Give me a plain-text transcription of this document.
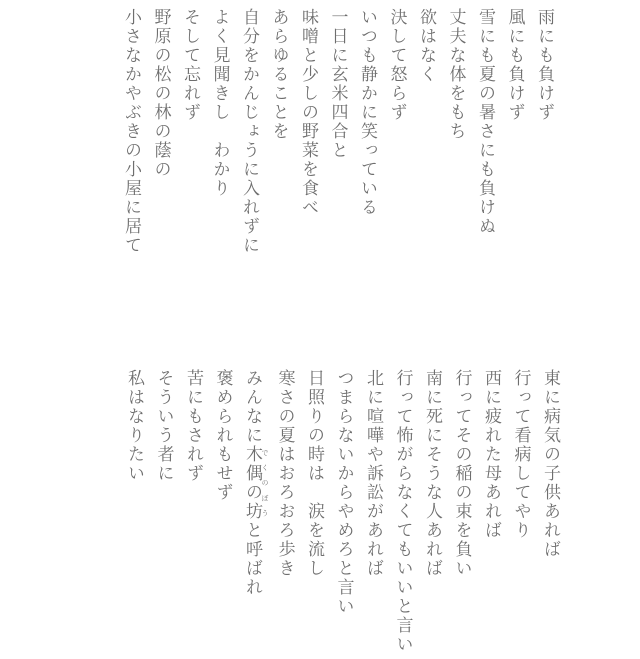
雨にも負けず
風にも負けず
雪にも夏の暑さにも負けぬ
丈夫な体をもち
欲はなく
決して怒らず
いつも静かに笑っている
一日に玄米四合と
味噌と少しの野菜を食べ
あらゆることを
自分をかんじょうに入れずに
よく見聞きし　わかり
そして忘れず
野原の松の林の蔭の
小さなかやぶきの小屋に居て
東に病気の子供あれば
行って看病してやり
西に疲れた母あれば
行ってその稲の束を負い
南に死にそうな人あれば
行って怖がらなくてもいいと言い
北に喧嘩や訴訟があれば
つまらないからやめろと言い
日照りの時は　涙を流し
寒さの夏はおろおろ歩き
みんなに木偶の坊 でくのぼうと呼ばれ
褒められもせず
苦にもされず
そういう者に
私はなりたい
